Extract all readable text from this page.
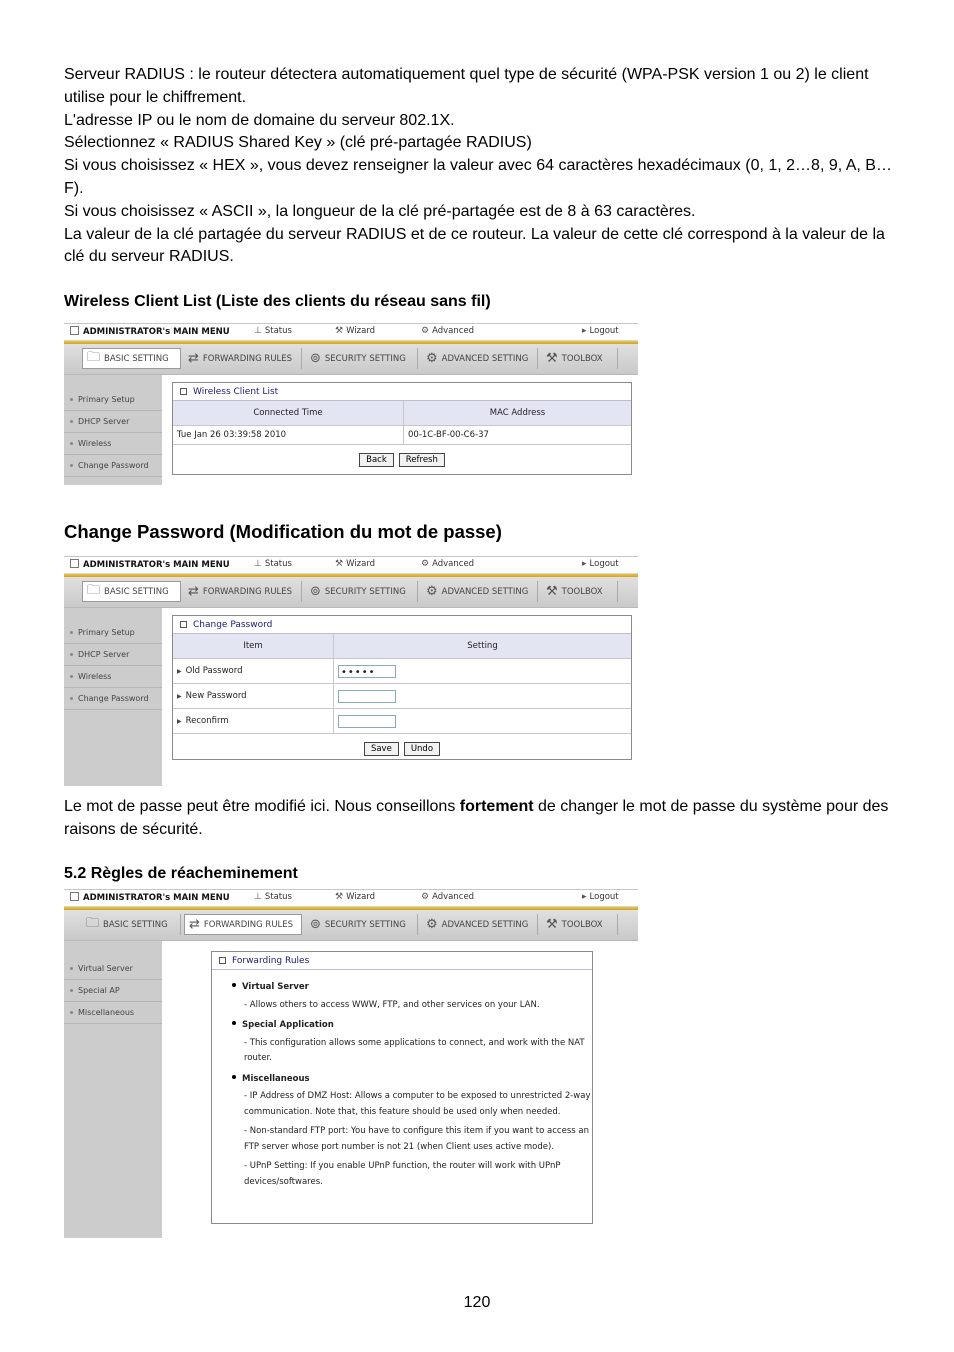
Serveur RADIUS : le routeur détectera automatiquement quel type de sécurité (WPA-PSK version 1 ou 2) le client utilise pour le chiffrement.

L'adresse IP ou le nom de domaine du serveur 802.1X.

Sélectionnez « RADIUS Shared Key » (clé pré-partagée RADIUS)

Si vous choisissez « HEX », vous devez renseigner la valeur avec 64 caractères hexadécimaux (0, 1, 2…8, 9, A, B…F).

Si vous choisissez « ASCII », la longueur de la clé pré-partagée est de 8 à 63 caractères.

La valeur de la clé partagée du serveur RADIUS et de ce routeur. La valeur de cette clé correspond à la valeur de la clé du serveur RADIUS.

Wireless Client List (Liste des clients du réseau sans fil)
ADMINISTRATOR's MAIN MENU	⊥ Status	⚒ Wizard	⚙ Advanced	▸ Logout
🗀 BASIC SETTING ⇄ FORWARDING RULES ⊚ SECURITY SETTING ⚙ ADVANCED SETTING ⚒ TOOLBOX
Primary Setup
DHCP Server
Wireless
Change Password
Wireless Client List
Connected Time	MAC Address
Tue Jan 26 03:39:58 2010	00-1C-BF-00-C6-37
Back	Refresh
Change Password (Modification du mot de passe)
ADMINISTRATOR's MAIN MENU	⊥ Status	⚒ Wizard	⚙ Advanced	▸ Logout
🗀 BASIC SETTING ⇄ FORWARDING RULES ⊚ SECURITY SETTING ⚙ ADVANCED SETTING ⚒ TOOLBOX
Primary Setup
DHCP Server
Wireless
Change Password
Change Password
Item	Setting
▶ Old Password	•••••

▶ New Password	

▶ Reconfirm	
Save	Undo

Le mot de passe peut être modifié ici. Nous conseillons fortement de changer le mot de passe du système pour des raisons de sécurité.

5.2 Règles de réacheminement
ADMINISTRATOR's MAIN MENU	⊥ Status	⚒ Wizard	⚙ Advanced	▸ Logout
🗀 BASIC SETTING ⇄ FORWARDING RULES ⊚ SECURITY SETTING ⚙ ADVANCED SETTING ⚒ TOOLBOX
Virtual Server
Special AP
Miscellaneous
Forwarding Rules
Virtual Server
- Allows others to access WWW, FTP, and other services on your LAN.
Special Application
- This configuration allows some applications to connect, and work with the NAT router.
Miscellaneous
- IP Address of DMZ Host: Allows a computer to be exposed to unrestricted 2-way communication. Note that, this feature should be used only when needed.
- Non-standard FTP port: You have to configure this item if you want to access an FTP server whose port number is not 21 (when Client uses active mode).
- UPnP Setting: If you enable UPnP function, the router will work with UPnP devices/softwares.
120
